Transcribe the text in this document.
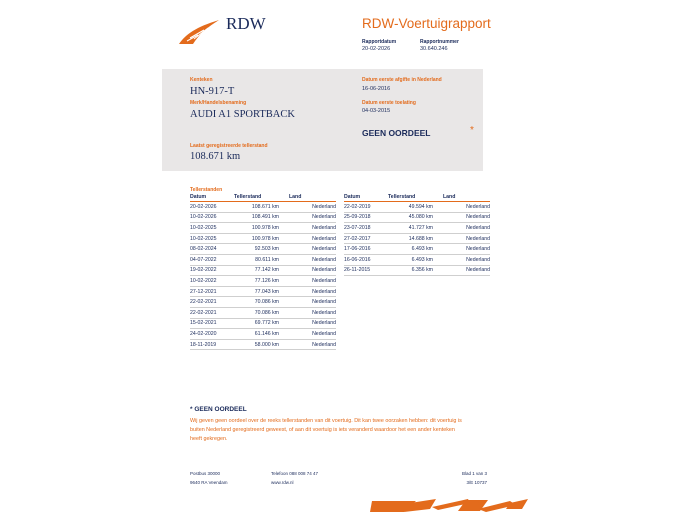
RDW	RDW-Voertuigrapport
Rapportdatum
20-02-2026
Rapportnummer
30.640.246
Kenteken
HN-917-T
Merk/Handelsbenaming
AUDI A1 SPORTBACK
Laatst geregistreerde tellerstand
108.671 km
Datum eerste afgifte in Nederland
16-06-2016
Datum eerste toelating
04-03-2015
GEEN OORDEEL	*
Tellerstanden
Datum	Tellerstand	Land
20-02-2026	108.671 km	Nederland
10-02-2026	108.491 km	Nederland
10-02-2025	100.978 km	Nederland
10-02-2025	100.978 km	Nederland
08-02-2024	92.503 km	Nederland
04-07-2022	80.611 km	Nederland
19-02-2022	77.142 km	Nederland
10-02-2022	77.126 km	Nederland
27-12-2021	77.043 km	Nederland
22-02-2021	70.086 km	Nederland
22-02-2021	70.086 km	Nederland
15-02-2021	69.772 km	Nederland
24-02-2020	61.146 km	Nederland
18-11-2019	58.000 km	Nederland
Datum	Tellerstand	Land
22-02-2019	49.594 km	Nederland
25-09-2018	45.080 km	Nederland
23-07-2018	41.727 km	Nederland
27-02-2017	14.688 km	Nederland
17-06-2016	6.493 km	Nederland
16-06-2016	6.493 km	Nederland
26-11-2015	6.356 km	Nederland
* GEEN OORDEEL
Wij geven geen oordeel over de reeks tellerstanden van dit voertuig. Dit kan twee oorzaken hebben: dit voertuig is
buiten Nederland geregistreerd geweest, of aan dit voertuig is iets veranderd waardoor het een ander kenteken
heeft gekregen.
Postbus 30000
9640 RA Veendam
Telefoon 088 008 74 47
www.rdw.nl
Blad 1 van 3
3/E 10737
